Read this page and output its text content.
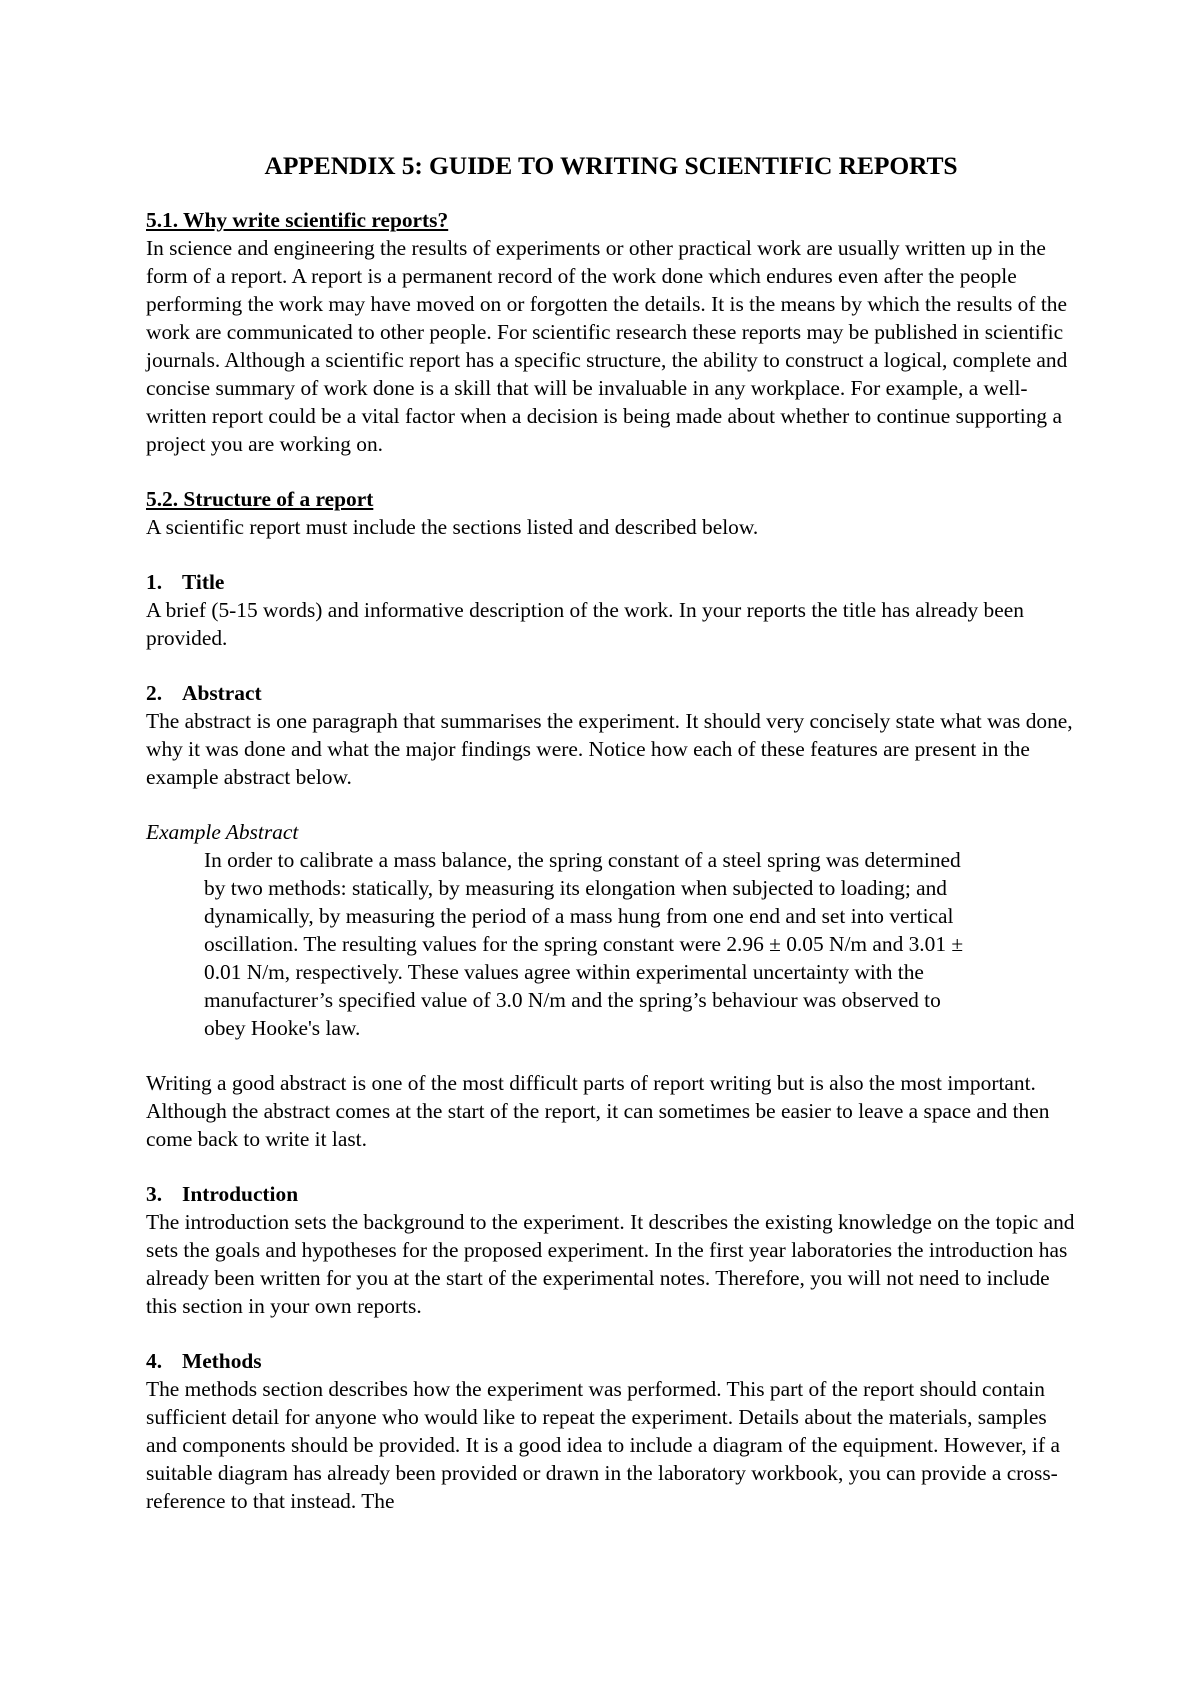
APPENDIX 5: GUIDE TO WRITING SCIENTIFIC REPORTS

5.1. Why write scientific reports?

In science and engineering the results of experiments or other practical work are usually written up in the form of a report. A report is a permanent record of the work done which endures even after the people performing the work may have moved on or forgotten the details. It is the means by which the results of the work are communicated to other people. For scientific research these reports may be published in scientific journals. Although a scientific report has a specific structure, the ability to construct a logical, complete and concise summary of work done is a skill that will be invaluable in any workplace. For example, a well-written report could be a vital factor when a decision is being made about whether to continue supporting a project you are working on.

5.2. Structure of a report

A scientific report must include the sections listed and described below.

1. Title

A brief (5-15 words) and informative description of the work. In your reports the title has already been provided.

2. Abstract

The abstract is one paragraph that summarises the experiment. It should very concisely state what was done, why it was done and what the major findings were. Notice how each of these features are present in the example abstract below.

Example Abstract

In order to calibrate a mass balance, the spring constant of a steel spring was determined by two methods: statically, by measuring its elongation when subjected to loading; and dynamically, by measuring the period of a mass hung from one end and set into vertical oscillation. The resulting values for the spring constant were 2.96 ± 0.05 N/m and 3.01 ± 0.01 N/m, respectively. These values agree within experimental uncertainty with the manufacturer’s specified value of 3.0 N/m and the spring’s behaviour was observed to obey Hooke's law.

Writing a good abstract is one of the most difficult parts of report writing but is also the most important. Although the abstract comes at the start of the report, it can sometimes be easier to leave a space and then come back to write it last.

3. Introduction

The introduction sets the background to the experiment. It describes the existing knowledge on the topic and sets the goals and hypotheses for the proposed experiment. In the first year laboratories the introduction has already been written for you at the start of the experimental notes. Therefore, you will not need to include this section in your own reports.

4. Methods

The methods section describes how the experiment was performed. This part of the report should contain sufficient detail for anyone who would like to repeat the experiment. Details about the materials, samples and components should be provided. It is a good idea to include a diagram of the equipment. However, if a suitable diagram has already been provided or drawn in the laboratory workbook, you can provide a cross-reference to that instead. The
